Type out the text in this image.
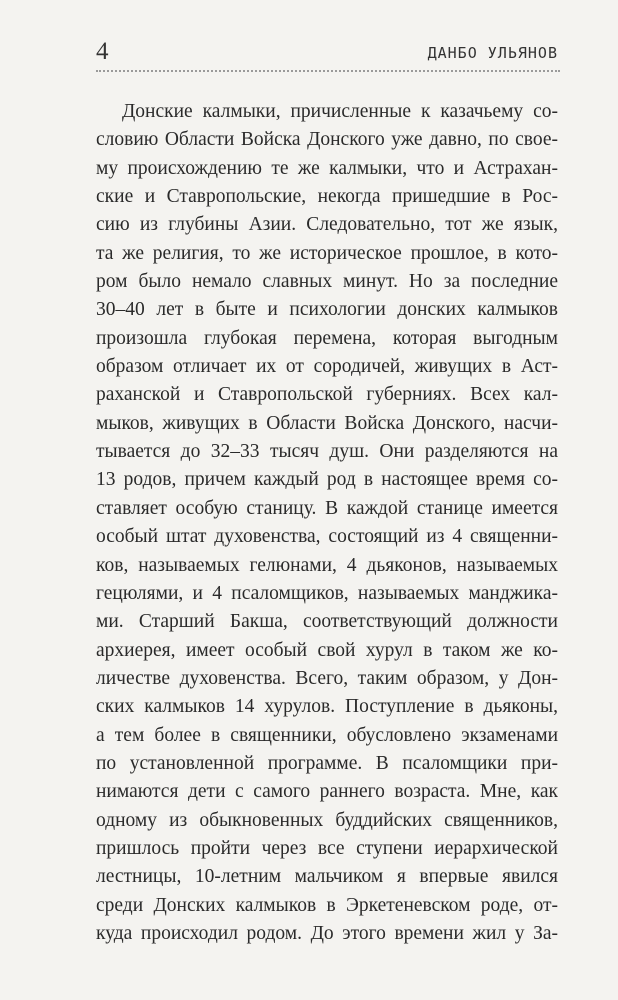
4	ДАНБО УЛЬЯНОВ
Донские калмыки, причисленные к казачьему со-
словию Области Войска Донского уже давно, по свое-
му происхождению те же калмыки, что и Астрахан-
ские и Ставропольские, некогда пришедшие в Рос-
сию из глубины Азии. Следовательно, тот же язык,
та же религия, то же историческое прошлое, в кото-
ром было немало славных минут. Но за последние
30–40 лет в быте и психологии донских калмыков
произошла глубокая перемена, которая выгодным
образом отличает их от сородичей, живущих в Аст-
раханской и Ставропольской губерниях. Всех кал-
мыков, живущих в Области Войска Донского, насчи-
тывается до 32–33 тысяч душ. Они разделяются на
13 родов, причем каждый род в настоящее время со-
ставляет особую станицу. В каждой станице имеется
особый штат духовенства, состоящий из 4 священни-
ков, называемых гелюнами, 4 дьяконов, называемых
гецюлями, и 4 псаломщиков, называемых манджика-
ми. Старший Бакша, соответствующий должности
архиерея, имеет особый свой хурул в таком же ко-
личестве духовенства. Всего, таким образом, у Дон-
ских калмыков 14 хурулов. Поступление в дьяконы,
а тем более в священники, обусловлено экзаменами
по установленной программе. В псаломщики при-
нимаются дети с самого раннего возраста. Мне, как
одному из обыкновенных буддийских священников,
пришлось пройти через все ступени иерархической
лестницы, 10-летним мальчиком я впервые явился
среди Донских калмыков в Эркетеневском роде, от-
куда происходил родом. До этого времени жил у За-
